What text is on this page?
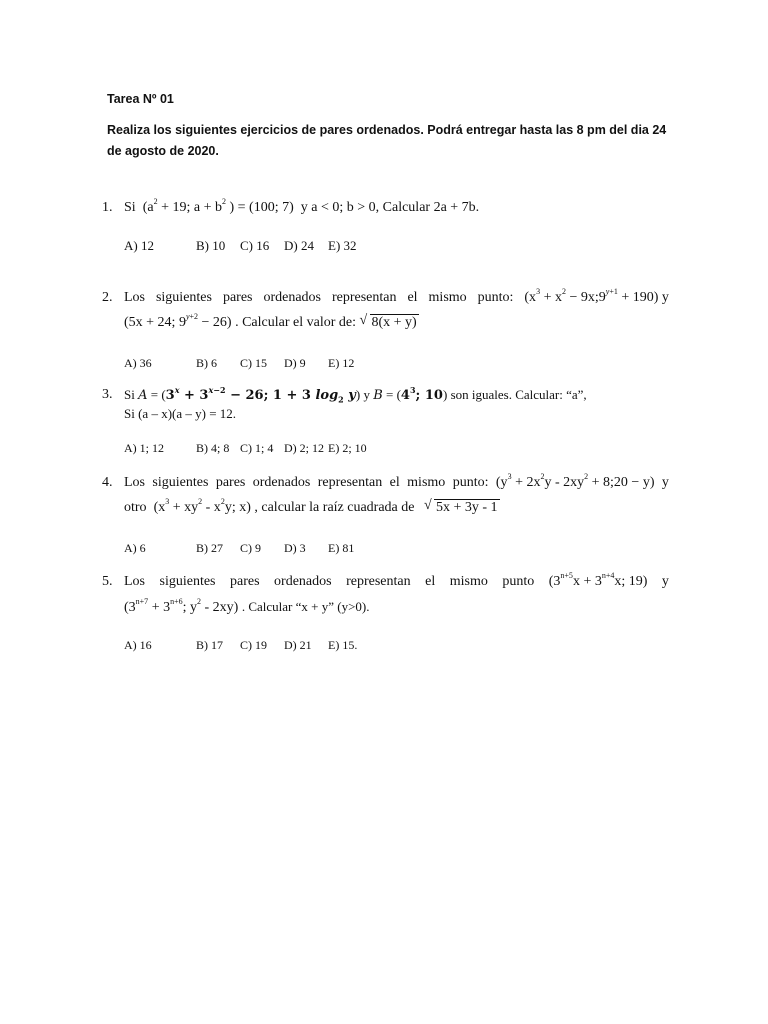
Tarea Nº 01
Realiza los siguientes ejercicios de pares ordenados. Podrá entregar hasta las 8 pm del dia 24 de agosto de 2020.
1. Si  ($a^2 + 19$; $a + b^2$ ) = (100; 7)  y a < 0; b > 0, Calcular 2a + 7b.
A) 12	B) 10 C) 16 D) 24 E) 32
2. Los siguientes pares ordenados representan el mismo punto: ($x^3 + x^2$ − $9x;9^{y+1} + 190$) y
(5x + 24; $9^{y+2} - 26$) . Calcular el valor de: √ 8(x + y)
A) 36	B) 6 C) 15 D) 9 E) 12
3. Si $A = (3^x + 3^{x-2} - 26$; 1 + 3 $\log_2 y$) y $B = (4^3$; 10) son iguales. Calcular: “a”,
Si (a – x)(a – y) = 12.
A) 1; 12	B) 4; 8 C) 1; 4 D) 2; 12 E) 2; 10
4. Los siguientes pares ordenados representan el mismo punto: ($y^3 + 2x^2y - 2xy^2$ + 8;20 − y) y
otro  ($x^3 + xy^2 - x^2y$; x) , calcular la raíz cuadrada de √ 5x + 3y - 1
A) 6	B) 27 C) 9 D) 3 E) 81
5. Los siguientes pares ordenados representan el mismo punto ($3^{n+5}x + 3^{n+4}x$; 19) y
($3^{n+7} + 3^{n+6}$; $y^2 - 2xy$) . Calcular “x + y” (y>0).
A) 16	B) 17 C) 19 D) 21 E) 15.
